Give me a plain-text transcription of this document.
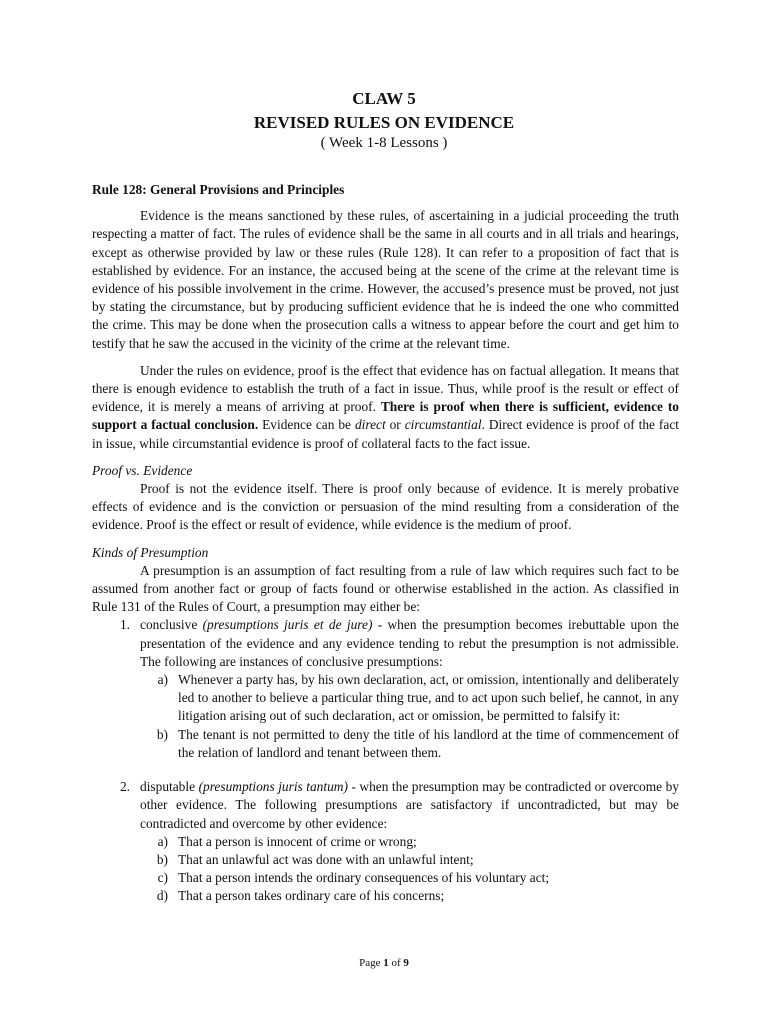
CLAW 5
REVISED RULES ON EVIDENCE
( Week 1-8 Lessons )

Rule 128: General Provisions and Principles

Evidence is the means sanctioned by these rules, of ascertaining in a judicial proceeding the truth respecting a matter of fact. The rules of evidence shall be the same in all courts and in all trials and hearings, except as otherwise provided by law or these rules (Rule 128). It can refer to a proposition of fact that is established by evidence. For an instance, the accused being at the scene of the crime at the relevant time is evidence of his possible involvement in the crime. However, the accused’s presence must be proved, not just by stating the circumstance, but by producing sufficient evidence that he is indeed the one who committed the crime. This may be done when the prosecution calls a witness to appear before the court and get him to testify that he saw the accused in the vicinity of the crime at the relevant time.

Under the rules on evidence, proof is the effect that evidence has on factual allegation. It means that there is enough evidence to establish the truth of a fact in issue. Thus, while proof is the result or effect of evidence, it is merely a means of arriving at proof. There is proof when there is sufficient, evidence to support a factual conclusion. Evidence can be direct or circumstantial. Direct evidence is proof of the fact in issue, while circumstantial evidence is proof of collateral facts to the fact issue.

Proof vs. Evidence

Proof is not the evidence itself. There is proof only because of evidence. It is merely probative effects of evidence and is the conviction or persuasion of the mind resulting from a consideration of the evidence. Proof is the effect or result of evidence, while evidence is the medium of proof.

Kinds of Presumption

A presumption is an assumption of fact resulting from a rule of law which requires such fact to be assumed from another fact or group of facts found or otherwise established in the action. As classified in Rule 131 of the Rules of Court, a presumption may either be:

1. conclusive (presumptions juris et de jure) - when the presumption becomes irebuttable upon the presentation of the evidence and any evidence tending to rebut the presumption is not admissible. The following are instances of conclusive presumptions:
a) Whenever a party has, by his own declaration, act, or omission, intentionally and deliberately led to another to believe a particular thing true, and to act upon such belief, he cannot, in any litigation arising out of such declaration, act or omission, be permitted to falsify it:
b) The tenant is not permitted to deny the title of his landlord at the time of commencement of the relation of landlord and tenant between them.
2. disputable (presumptions juris tantum) - when the presumption may be contradicted or overcome by other evidence. The following presumptions are satisfactory if uncontradicted, but may be contradicted and overcome by other evidence:
a) That a person is innocent of crime or wrong;
b) That an unlawful act was done with an unlawful intent;
c) That a person intends the ordinary consequences of his voluntary act;
d) That a person takes ordinary care of his concerns;
Page 1 of 9
